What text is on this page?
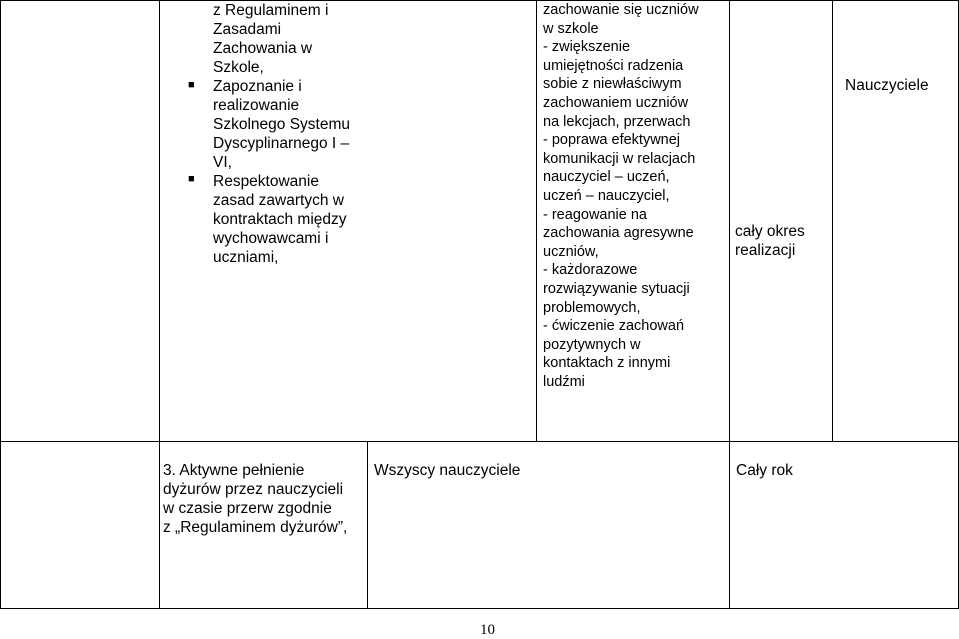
■
■
z Regulaminem i
Zasadami
Zachowania w
Szkole,
Zapoznanie i
realizowanie
Szkolnego Systemu
Dyscyplinarnego I –
VI,
Respektowanie
zasad zawartych w
kontraktach między
wychowawcami i
uczniami,
zachowanie się uczniów
w szkole
- zwiększenie
umiejętności radzenia
sobie z niewłaściwym
zachowaniem uczniów
na lekcjach, przerwach
- poprawa efektywnej
komunikacji w relacjach
nauczyciel – uczeń,
uczeń – nauczyciel,
- reagowanie na
zachowania agresywne
uczniów,
- każdorazowe
rozwiązywanie sytuacji
problemowych,
- ćwiczenie zachowań
pozytywnych w
kontaktach z innymi
ludźmi
cały okres
realizacji
Nauczyciele
3. Aktywne pełnienie
dyżurów przez nauczycieli
w czasie przerw zgodnie
z „Regulaminem dyżurów”,
Wszyscy nauczyciele	Cały rok
10
